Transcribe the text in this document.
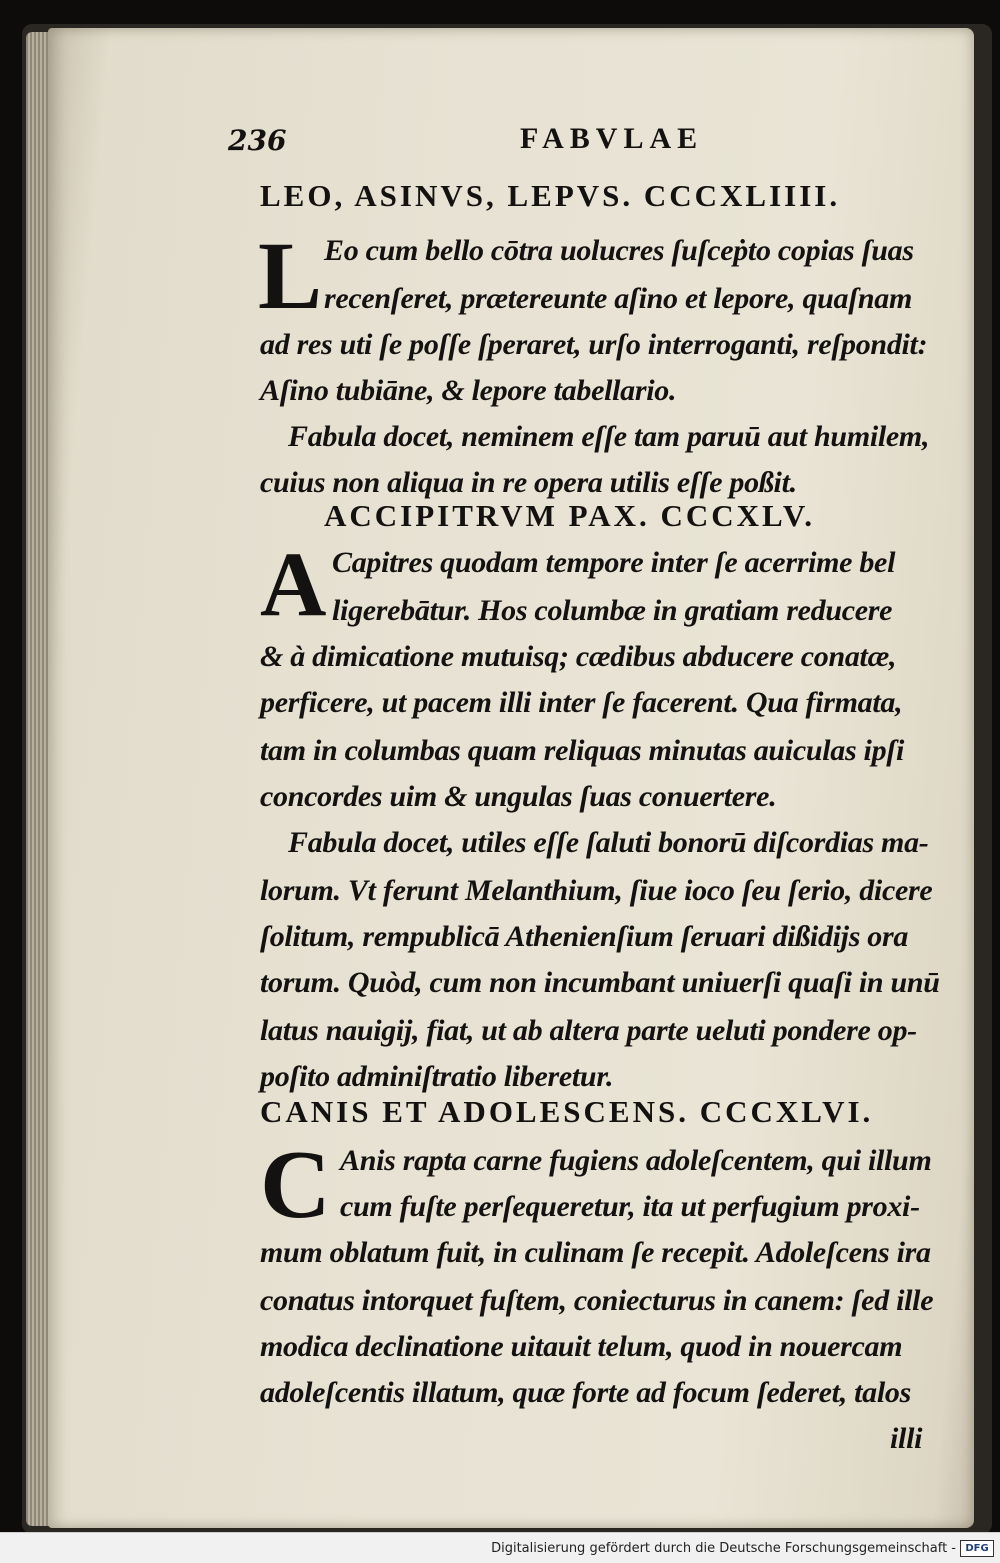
236	FABVLAE
LEO, ASINVS, LEPVS. CCCXLIIII.
L Eo cum bello cōtra uolucres ſuſceṗto copias ſuas
recenſeret, prætereunte aſino et lepore, quaſnam
ad res uti ſe poſſe ſperaret, urſo interroganti, reſpondit:
Aſino tubiāne, & lepore tabellario.
Fabula docet, neminem eſſe tam paruū aut humilem,
cuius non aliqua in re opera utilis eſſe poßit.
ACCIPITRVM PAX. CCCXLV.
A Capitres quodam tempore inter ſe acerrime bel
ligerebātur. Hos columbæ in gratiam reducere
& à dimicatione mutuisq; cædibus abducere conatæ,
perficere, ut pacem illi inter ſe facerent. Qua firmata,
tam in columbas quam reliquas minutas auiculas ipſi
concordes uim & ungulas ſuas conuertere.
Fabula docet, utiles eſſe ſaluti bonorū diſcordias ma-
lorum. Vt ferunt Melanthium, ſiue ioco ſeu ſerio, dicere
ſolitum, rempublicā Athenienſium ſeruari dißidijs ora
torum. Quòd, cum non incumbant uniuerſi quaſi in unū
latus nauigij, fiat, ut ab altera parte ueluti pondere op-
poſito adminiſtratio liberetur.
CANIS ET ADOLESCENS. CCCXLVI.
C Anis rapta carne fugiens adoleſcentem, qui illum
cum fuſte perſequeretur, ita ut perfugium proxi-
mum oblatum fuit, in culinam ſe recepit. Adoleſcens ira
conatus intorquet fuſtem, coniecturus in canem: ſed ille
modica declinatione uitauit telum, quod in nouercam
adoleſcentis illatum, quæ forte ad focum ſederet, talos
illi
Digitalisierung gefördert durch die Deutsche Forschungsgemeinschaft - DFG
